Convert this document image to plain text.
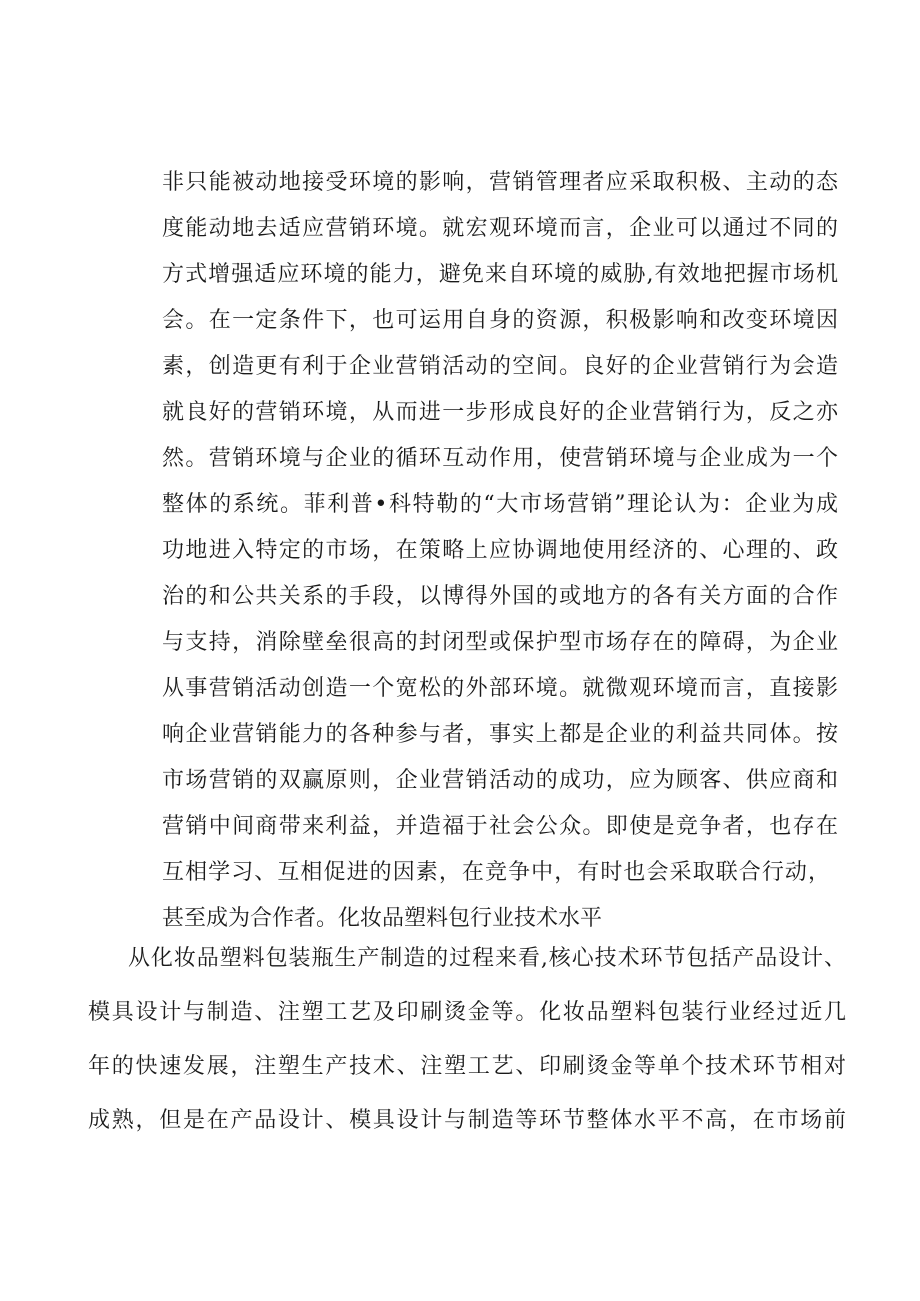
非只能被动地接受环境的影响，营销管理者应采取积极、主动的态
度能动地去适应营销环境。就宏观环境而言，企业可以通过不同的
方式增强适应环境的能力，避免来自环境的威胁,有效地把握市场机
会。在一定条件下，也可运用自身的资源，积极影响和改变环境因
素，创造更有利于企业营销活动的空间。良好的企业营销行为会造
就良好的营销环境，从而进一步形成良好的企业营销行为，反之亦
然。营销环境与企业的循环互动作用，使营销环境与企业成为一个
整体的系统。菲利普•科特勒的“大市场营销”理论认为：企业为成
功地进入特定的市场，在策略上应协调地使用经济的、心理的、政
治的和公共关系的手段，以博得外国的或地方的各有关方面的合作
与支持，消除壁垒很高的封闭型或保护型市场存在的障碍，为企业
从事营销活动创造一个宽松的外部环境。就微观环境而言，直接影
响企业营销能力的各种参与者，事实上都是企业的利益共同体。按
市场营销的双赢原则，企业营销活动的成功，应为顾客、供应商和
营销中间商带来利益，并造福于社会公众。即使是竞争者，也存在
互相学习、互相促进的因素，在竞争中，有时也会采取联合行动，
甚至成为合作者。化妆品塑料包行业技术水平
从化妆品塑料包装瓶生产制造的过程来看,核心技术环节包括产品设计、
模具设计与制造、注塑工艺及印刷烫金等。化妆品塑料包装行业经过近几
年的快速发展，注塑生产技术、注塑工艺、印刷烫金等单个技术环节相对
成熟，但是在产品设计、模具设计与制造等环节整体水平不高，在市场前
